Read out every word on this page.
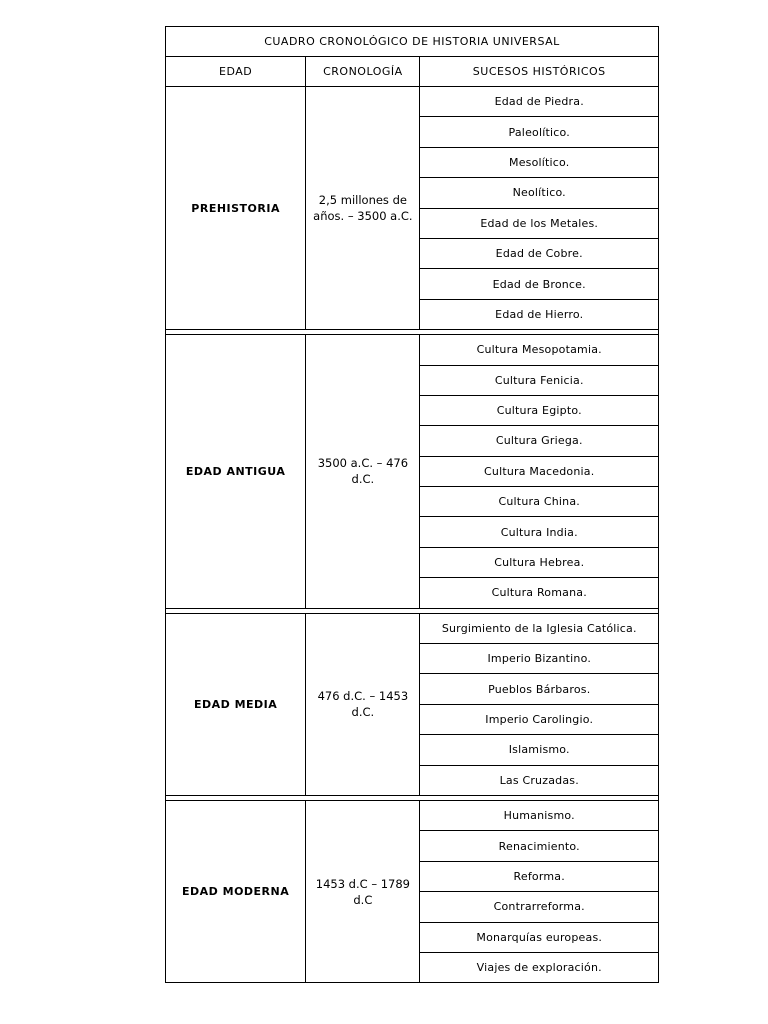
CUADRO CRONOLÓGICO DE HISTORIA UNIVERSAL		
EDAD	CRONOLOGÍA	SUCESOS HISTÓRICOS
PREHISTORIA	2,5 millones de años. – 3500 a.C.	Edad de Piedra.
		Paleolítico.
		Mesolítico.
		Neolítico.
		Edad de los Metales.
		Edad de Cobre.
		Edad de Bronce.
		Edad de Hierro.

EDAD ANTIGUA	3500 a.C. – 476 d.C.	Cultura Mesopotamia.
		Cultura Fenicia.
		Cultura Egipto.
		Cultura Griega.
		Cultura Macedonia.
		Cultura China.
		Cultura India.
		Cultura Hebrea.
		Cultura Romana.

EDAD MEDIA	476 d.C. – 1453 d.C.	Surgimiento de la Iglesia Católica.
		Imperio Bizantino.
		Pueblos Bárbaros.
		Imperio Carolingio.
		Islamismo.
		Las Cruzadas.

EDAD MODERNA	1453 d.C – 1789 d.C	Humanismo.
		Renacimiento.
		Reforma.
		Contrarreforma.
		Monarquías europeas.
		Viajes de exploración.
